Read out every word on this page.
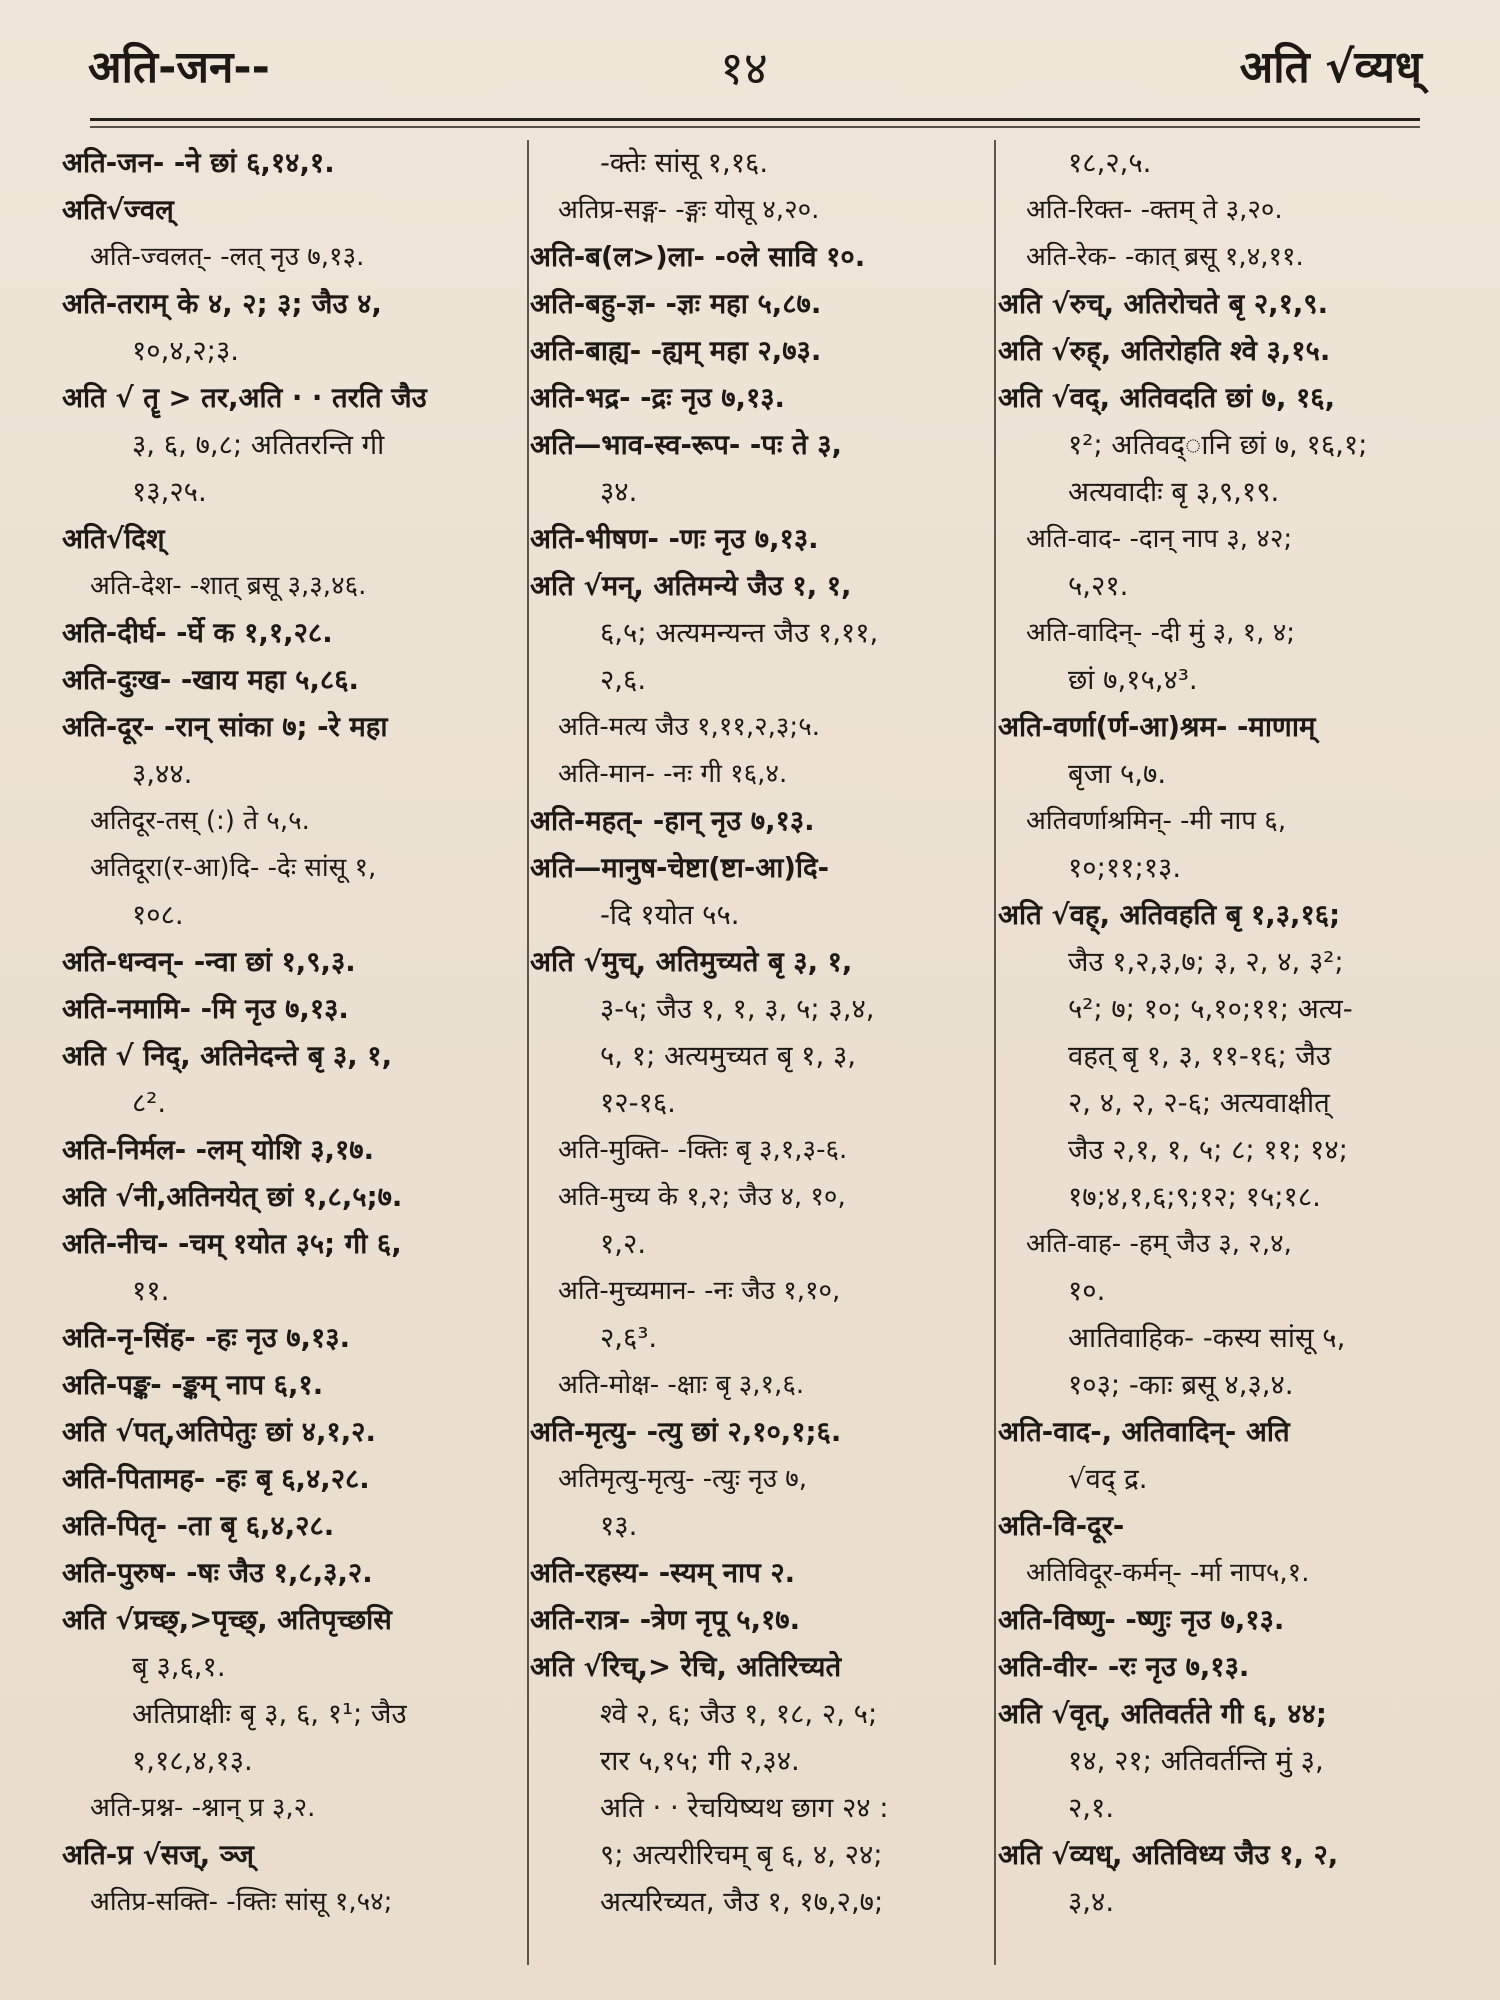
अति-जन--	१४	अति √व्यध्
अति-जन- -ने छां ६,१४,१.
अति√ज्वल्
अति-ज्वलत्- -लत् नृउ ७,१३.
अति-तराम् के ४, २; ३; जैउ ४,
१०,४,२;३.
अति √ तॄ > तर,अति · · तरति जैउ
३, ६, ७,८; अतितरन्ति गी
१३,२५.
अति√दिश्
अति-देश- -शात् ब्रसू ३,३,४६.
अति-दीर्घ- -र्घे क १,१,२८.
अति-दुःख- -खाय महा ५,८६.
अति-दूर- -रान् सांका ७; -रे महा
३,४४.
अतिदूर-तस् (:) ते ५,५.
अतिदूरा(र-आ)दि- -देः सांसू १,
१०८.
अति-धन्वन्- -न्वा छां १,९,३.
अति-नमामि- -मि नृउ ७,१३.
अति √ निद्, अतिनेदन्ते बृ ३, १,
८².
अति-निर्मल- -लम् योशि ३,१७.
अति √नी,अतिनयेत् छां १,८,५;७.
अति-नीच- -चम् १योत ३५; गी ६,
११.
अति-नृ-सिंह- -हः नृउ ७,१३.
अति-पङ्क- -ङ्कम् नाप ६,१.
अति √पत्,अतिपेतुः छां ४,१,२.
अति-पितामह- -हः बृ ६,४,२८.
अति-पितृ- -ता बृ ६,४,२८.
अति-पुरुष- -षः जैउ १,८,३,२.
अति √प्रच्छ्,>पृच्छ्, अतिपृच्छसि
बृ ३,६,१.
अतिप्राक्षीः बृ ३, ६, १¹; जैउ
१,१८,४,१३.
अति-प्रश्न- -श्नान् प्र ३,२.
अति-प्र √सज्, ञ्ज्
अतिप्र-सक्ति- -क्तिः सांसू १,५४;
-क्तेः सांसू १,१६.
अतिप्र-सङ्ग- -ङ्गः योसू ४,२०.
अति-ब(ल>)ला- -०ले सावि १०.
अति-बहु-ज्ञ- -ज्ञः महा ५,८७.
अति-बाह्य- -ह्यम् महा २,७३.
अति-भद्र- -द्रः नृउ ७,१३.
अति—भाव-स्व-रूप- -पः ते ३,
३४.
अति-भीषण- -णः नृउ ७,१३.
अति √मन्, अतिमन्ये जैउ १, १,
६,५; अत्यमन्यन्त जैउ १,११,
२,६.
अति-मत्य जैउ १,११,२,३;५.
अति-मान- -नः गी १६,४.
अति-महत्- -हान् नृउ ७,१३.
अति—मानुष-चेष्टा(ष्टा-आ)दि-
-दि १योत ५५.
अति √मुच्, अतिमुच्यते बृ ३, १,
३-५; जैउ १, १, ३, ५; ३,४,
५, १; अत्यमुच्यत बृ १, ३,
१२-१६.
अति-मुक्ति- -क्तिः बृ ३,१,३-६.
अति-मुच्य के १,२; जैउ ४, १०,
१,२.
अति-मुच्यमान- -नः जैउ १,१०,
२,६³.
अति-मोक्ष- -क्षाः बृ ३,१,६.
अति-मृत्यु- -त्यु छां २,१०,१;६.
अतिमृत्यु-मृत्यु- -त्युः नृउ ७,
१३.
अति-रहस्य- -स्यम् नाप २.
अति-रात्र- -त्रेण नृपू ५,१७.
अति √रिच्,> रेचि, अतिरिच्यते
श्वे २, ६; जैउ १, १८, २, ५;
रार ५,१५; गी २,३४.
अति · · रेचयिष्यथ छाग २४ :
९; अत्यरीरिचम् बृ ६, ४, २४;
अत्यरिच्यत, जैउ १, १७,२,७;
१८,२,५.
अति-रिक्त- -क्तम् ते ३,२०.
अति-रेक- -कात् ब्रसू १,४,११.
अति √रुच्, अतिरोचते बृ २,१,९.
अति √रुह्, अतिरोहति श्वे ३,१५.
अति √वद्, अतिवदति छां ७, १६,
१²; अतिवद्ानि छां ७, १६,१;
अत्यवादीः बृ ३,९,१९.
अति-वाद- -दान् नाप ३, ४२;
५,२१.
अति-वादिन्- -दी मुं ३, १, ४;
छां ७,१५,४³.
अति-वर्णा(र्ण-आ)श्रम- -माणाम्
बृजा ५,७.
अतिवर्णाश्रमिन्- -मी नाप ६,
१०;११;१३.
अति √वह्, अतिवहति बृ १,३,१६;
जैउ १,२,३,७; ३, २, ४, ३²;
५²; ७; १०; ५,१०;११; अत्य-
वहत् बृ १, ३, ११-१६; जैउ
२, ४, २, २-६; अत्यवाक्षीत्
जैउ २,१, १, ५; ८; ११; १४;
१७;४,१,६;९;१२; १५;१८.
अति-वाह- -हम् जैउ ३, २,४,
१०.
आतिवाहिक- -कस्य सांसू ५,
१०३; -काः ब्रसू ४,३,४.
अति-वाद-, अतिवादिन्- अति
√वद् द्र.
अति-वि-दूर-
अतिविदूर-कर्मन्- -र्मा नाप५,१.
अति-विष्णु- -ष्णुः नृउ ७,१३.
अति-वीर- -रः नृउ ७,१३.
अति √वृत्, अतिवर्तते गी ६, ४४;
१४, २१; अतिवर्तन्ति मुं ३,
२,१.
अति √व्यध्, अतिविध्य जैउ १, २,
३,४.
